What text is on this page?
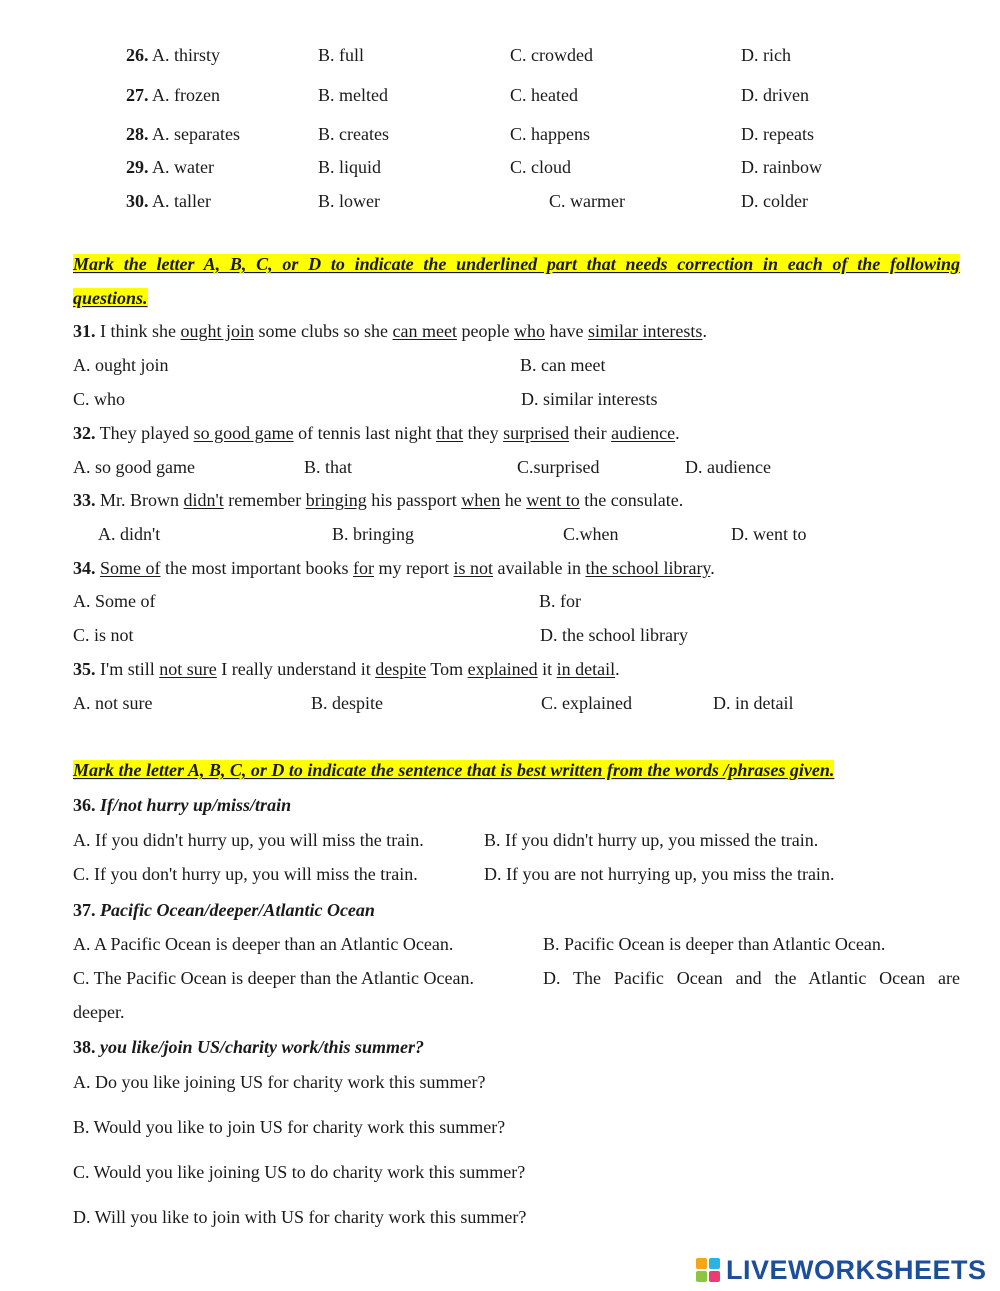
26. A. thirsty	B. full	C. crowded	D. rich
27. A. frozen	B. melted	C. heated	D. driven
28. A. separates	B. creates	C. happens	D. repeats
29. A. water	B. liquid	C. cloud	D. rainbow
30. A. taller	B. lower	C. warmer	D. colder
Mark the letter A, B, C, or D to indicate the underlined part that needs correction in each of the following
questions.
31. I think she ought join some clubs so she can meet people who have similar interests.
A. ought join	B. can meet
C. who	D. similar interests
32. They played so good game of tennis last night that they surprised their audience.
A. so good game	B. that	C.surprised	D. audience
33. Mr. Brown didn't remember bringing his passport when he went to the consulate.
A. didn't	B. bringing	C.when	D. went to
34. Some of the most important books for my report is not available in the school library.
A. Some of	B. for
C. is not	D. the school library
35. I'm still not sure I really understand it despite Tom explained it in detail.
A. not sure	B. despite	C. explained	D. in detail
Mark the letter A, B, C, or D to indicate the sentence that is best written from the words /phrases given.
36. If/not hurry up/miss/train
A. If you didn't hurry up, you will miss the train.	B. If you didn't hurry up, you missed the train.
C. If you don't hurry up, you will miss the train.	D. If you are not hurrying up, you miss the train.
37. Pacific Ocean/deeper/Atlantic Ocean
A. A Pacific Ocean is deeper than an Atlantic Ocean.	B. Pacific Ocean is deeper than Atlantic Ocean.
C. The Pacific Ocean is deeper than the Atlantic Ocean.	D. The Pacific Ocean and the Atlantic Ocean are
deeper.
38. you like/join US/charity work/this summer?
A. Do you like joining US for charity work this summer?
B. Would you like to join US for charity work this summer?
C. Would you like joining US to do charity work this summer?
D. Will you like to join with US for charity work this summer?
LIVEWORKSHEETS
